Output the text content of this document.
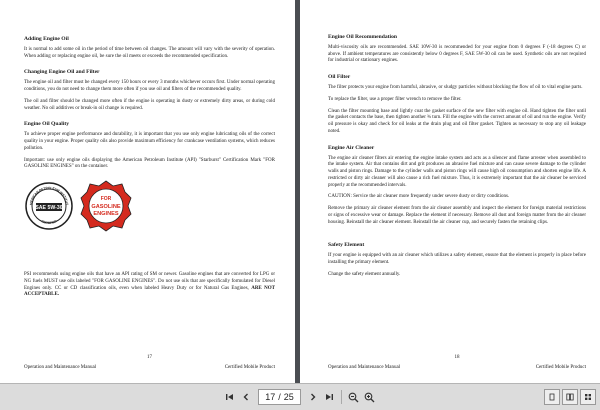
Adding Engine Oil

It is normal to add some oil in the period of time between oil changes. The amount will vary with the severity of operation. When adding or replacing engine oil, be sure the oil meets or exceeds the recommended specification.

Changing Engine Oil and Filter

The engine oil and filter must be changed every 150 hours or every 3 months whichever occurs first. Under normal operating conditions, you do not need to change them more often if you use oil and filters of the recommended quality.

The oil and filter should be changed more often if the engine is operating in dusty or extremely dirty areas, or during cold weather. No oil additives or break-in oil change is required.

Engine Oil Quality

To achieve proper engine performance and durability, it is important that you use only engine lubricating oils of the correct quality in your engine. Proper quality oils also provide maximum efficiency for crankcase ventilation systems, which reduces pollution.

Important: use only engine oils displaying the American Petroleum Institute (API) "Starburst" Certification Mark "FOR GASOLINE ENGINES" on the container.

MERICAN PETROLEUM INSTITUT
SAE 5W-30
CERTIFIED
FOR
GASOLINE
ENGINES

PSI recommends using engine oils that have an API rating of SM or newer. Gasoline engines that are converted for LPG or NG fuels MUST use oils labeled "FOR GASOLINE ENGINES". Do not use oils that are specifically formulated for Diesel Engines only. CC or CD classification oils, even when labeled Heavy Duty or for Natural Gas Engines, ARE NOT ACCEPTABLE.

17
Operation and Maintenance Manual	Certified Mobile Product
Engine Oil Recommendation

Multi-viscosity oils are recommended. SAE 10W-30 is recommended for your engine from 0 degrees F (-18 degrees C) or above. If ambient temperatures are consistently below 0 degrees F, SAE 5W-30 oil can be used. Synthetic oils are not required for industrial or stationary engines.

Oil Filter

The filter protects your engine from harmful, abrasive, or sludgy particles without blocking the flow of oil to vital engine parts.

To replace the filter, use a proper filter wrench to remove the filter.

Clean the filter mounting base and lightly coat the gasket surface of the new filter with engine oil. Hand tighten the filter until the gasket contacts the base, then tighten another ¾ turn. Fill the engine with the correct amount of oil and run the engine. Verify oil pressure is okay and check for oil leaks at the drain plug and oil filter gasket. Tighten as necessary to stop any oil leakage noted.

Engine Air Cleaner

The engine air cleaner filters air entering the engine intake system and acts as a silencer and flame arrester when assembled to the intake system. Air that contains dirt and grit produces an abrasive fuel mixture and can cause severe damage to the cylinder walls and piston rings. Damage to the cylinder walls and piston rings will cause high oil consumption and shorten engine life. A restricted or dirty air cleaner will also cause a rich fuel mixture. Thus, it is extremely important that the air cleaner be serviced properly at the recommended intervals.

CAUTION: Service the air cleaner more frequently under severe dusty or dirty conditions.

Remove the primary air cleaner element from the air cleaner assembly and inspect the element for foreign material restrictions or signs of excessive wear or damage. Replace the element if necessary. Remove all dust and foreign matter from the air cleaner housing. Reinstall the air cleaner element. Reinstall the air cleaner cup, and securely fasten the retaining clips.

Safety Element

If your engine is equipped with an air cleaner which utilizes a safety element, ensure that the element is properly in place before installing the primary element.

Change the safety element annually.

18
Operation and Maintenance Manual	Certified Mobile Product
17 / 25
